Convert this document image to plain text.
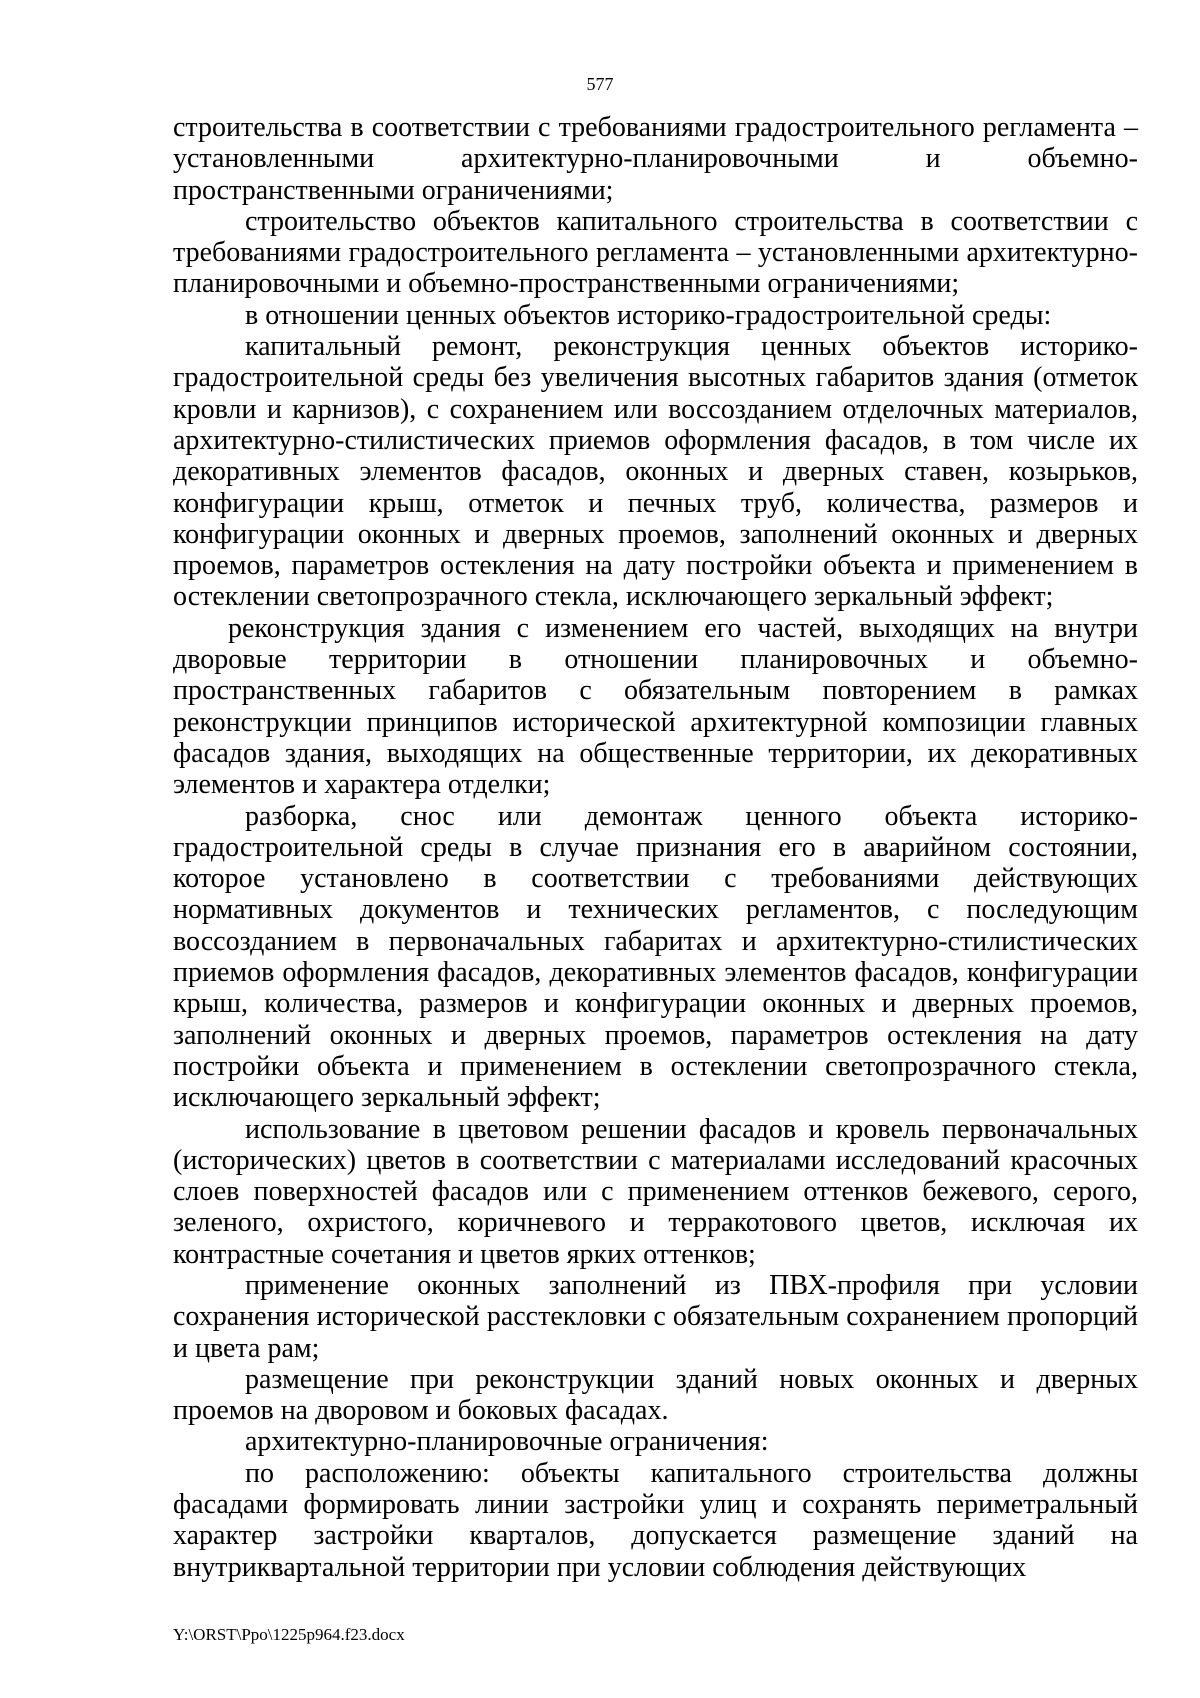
577

строительства в соответствии с требованиями градостроительного регламента – установленными архитектурно-планировочными и объемно-пространственными ограничениями;

строительство объектов капитального строительства в соответствии с требованиями градостроительного регламента – установленными архитектурно-планировочными и объемно-пространственными ограничениями;

в отношении ценных объектов историко-градостроительной среды:

капитальный ремонт, реконструкция ценных объектов историко-градостроительной среды без увеличения высотных габаритов здания (отметок кровли и карнизов), с сохранением или воссозданием отделочных материалов, архитектурно-стилистических приемов оформления фасадов, в том числе их декоративных элементов фасадов, оконных и дверных ставен, козырьков, конфигурации крыш, отметок и печных труб, количества, размеров и конфигурации оконных и дверных проемов, заполнений оконных и дверных проемов, параметров остекления на дату постройки объекта и применением в остеклении светопрозрачного стекла, исключающего зеркальный эффект;

реконструкция здания с изменением его частей, выходящих на внутри дворовые территории в отношении планировочных и объемно-пространственных габаритов с обязательным повторением в рамках реконструкции принципов исторической архитектурной композиции главных фасадов здания, выходящих на общественные территории, их декоративных элементов и характера отделки;

разборка, снос или демонтаж ценного объекта историко-градостроительной среды в случае признания его в аварийном состоянии, которое установлено в соответствии с требованиями действующих нормативных документов и технических регламентов, с последующим воссозданием в первоначальных габаритах и архитектурно-стилистических приемов оформления фасадов, декоративных элементов фасадов, конфигурации крыш, количества, размеров и конфигурации оконных и дверных проемов, заполнений оконных и дверных проемов, параметров остекления на дату постройки объекта и применением в остеклении светопрозрачного стекла, исключающего зеркальный эффект;

использование в цветовом решении фасадов и кровель первоначальных (исторических) цветов в соответствии с материалами исследований красочных слоев поверхностей фасадов или с применением оттенков бежевого, серого, зеленого, охристого, коричневого и терракотового цветов, исключая их контрастные сочетания и цветов ярких оттенков;

применение оконных заполнений из ПВХ-профиля при условии сохранения исторической расстекловки с обязательным сохранением пропорций и цвета рам;

размещение при реконструкции зданий новых оконных и дверных проемов на дворовом и боковых фасадах.

архитектурно-планировочные ограничения:

по расположению: объекты капитального строительства должны фасадами формировать линии застройки улиц и сохранять периметральный характер застройки кварталов, допускается размещение зданий на внутриквартальной территории при условии соблюдения действующих

Y:\ORST\Ppo\1225p964.f23.docx
